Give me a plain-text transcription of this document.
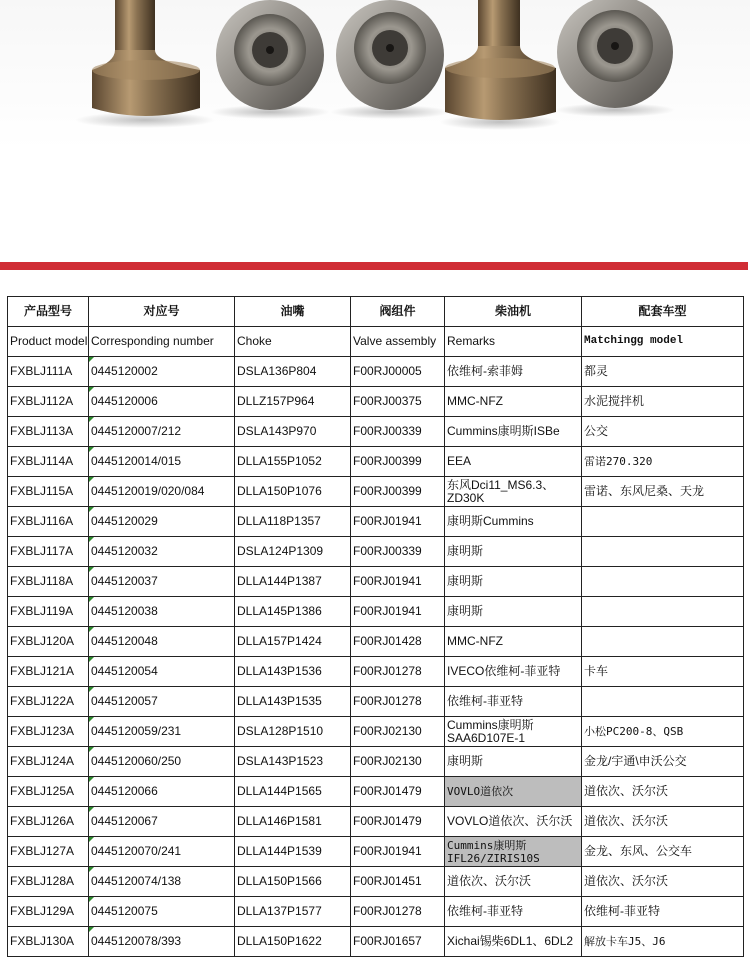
产品型号	对应号	油嘴	阀组件	柴油机	配套车型
Product model	Corresponding number	Choke	Valve assembly	Remarks	Matchingg model
FXBLJ111A	0445120002	DSLA136P804	F00RJ00005	依维柯-索菲姆	都灵
FXBLJ112A	0445120006	DLLZ157P964	F00RJ00375	MMC-NFZ	水泥搅拌机
FXBLJ113A	0445120007/212	DSLA143P970	F00RJ00339	Cummins康明斯ISBe	公交
FXBLJ114A	0445120014/015	DLLA155P1052	F00RJ00399	EEA	雷诺270.320
FXBLJ115A	0445120019/020/084	DLLA150P1076	F00RJ00399	东风Dci11_MS6.3、ZD30K	雷诺、东风尼桑、天龙
FXBLJ116A	0445120029	DLLA118P1357	F00RJ01941	康明斯Cummins	
FXBLJ117A	0445120032	DSLA124P1309	F00RJ00339	康明斯	
FXBLJ118A	0445120037	DLLA144P1387	F00RJ01941	康明斯	
FXBLJ119A	0445120038	DLLA145P1386	F00RJ01941	康明斯	
FXBLJ120A	0445120048	DLLA157P1424	F00RJ01428	MMC-NFZ	
FXBLJ121A	0445120054	DLLA143P1536	F00RJ01278	IVECO依维柯-菲亚特	卡车
FXBLJ122A	0445120057	DLLA143P1535	F00RJ01278	依维柯-菲亚特	
FXBLJ123A	0445120059/231	DSLA128P1510	F00RJ02130	Cummins康明斯SAA6D107E-1	小松PC200-8、QSB
FXBLJ124A	0445120060/250	DSLA143P1523	F00RJ02130	康明斯	金龙/宇通\申沃公交
FXBLJ125A	0445120066	DLLA144P1565	F00RJ01479	VOVLO道依次	道依次、沃尔沃
FXBLJ126A	0445120067	DLLA146P1581	F00RJ01479	VOVLO道依次、沃尔沃	道依次、沃尔沃
FXBLJ127A	0445120070/241	DLLA144P1539	F00RJ01941	Cummins康明斯IFL26/ZIRIS10S	金龙、东风、公交车
FXBLJ128A	0445120074/138	DLLA150P1566	F00RJ01451	道依次、沃尔沃	道依次、沃尔沃
FXBLJ129A	0445120075	DLLA137P1577	F00RJ01278	依维柯-菲亚特	依维柯-菲亚特
FXBLJ130A	0445120078/393	DLLA150P1622	F00RJ01657	Xichai锡柴6DL1、6DL2	解放卡车J5、J6
